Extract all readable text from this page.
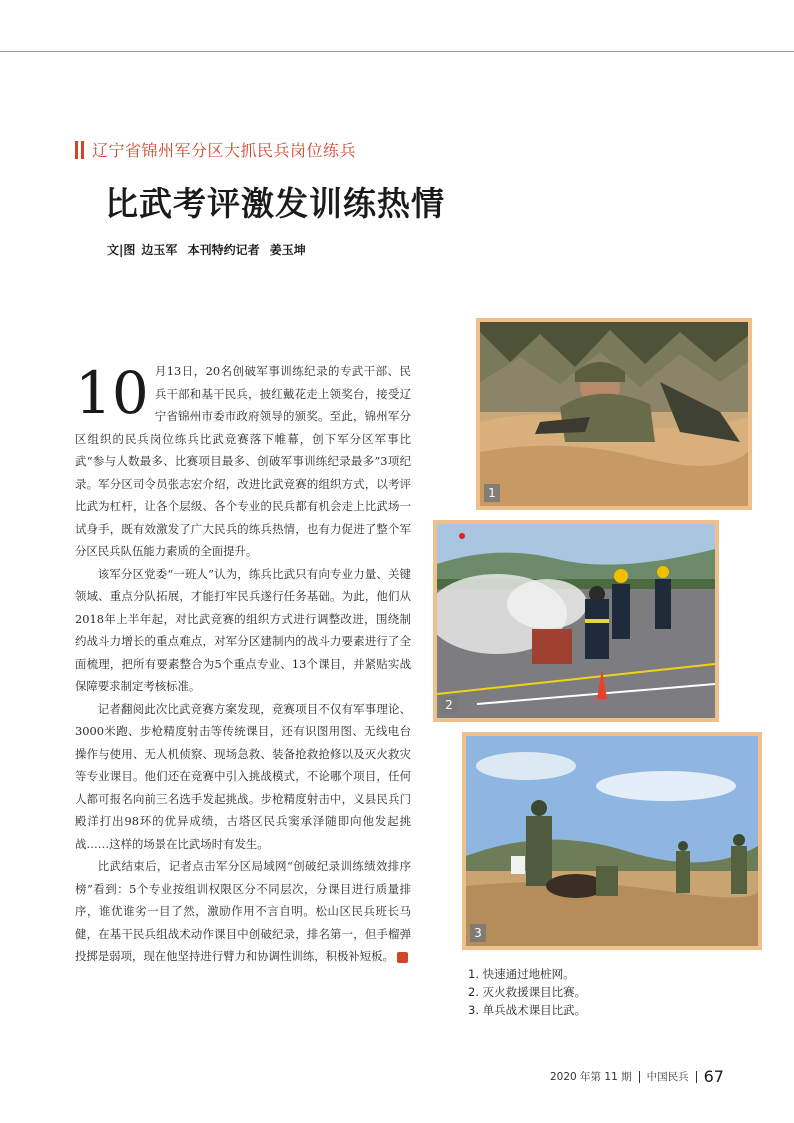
辽宁省锦州军分区大抓民兵岗位练兵
比武考评激发训练热情
文|图 边玉军 本刊特约记者 姜玉坤

10 月13日，20名创破军事训练纪录的专武干部、民兵干部和基干民兵，披红戴花走上领奖台，接受辽宁省锦州市委市政府领导的颁奖。至此，锦州军分区组织的民兵岗位练兵比武竞赛落下帷幕，创下军分区军事比武“参与人数最多、比赛项目最多、创破军事训练纪录最多”3项纪录。军分区司令员张志宏介绍，改进比武竞赛的组织方式，以考评比武为杠杆，让各个层级、各个专业的民兵都有机会走上比武场一试身手，既有效激发了广大民兵的练兵热情，也有力促进了整个军分区民兵队伍能力素质的全面提升。

该军分区党委“一班人”认为，练兵比武只有向专业力量、关键领域、重点分队拓展，才能打牢民兵遂行任务基础。为此，他们从2018年上半年起，对比武竞赛的组织方式进行调整改进，围绕制约战斗力增长的重点难点，对军分区建制内的战斗力要素进行了全面梳理，把所有要素整合为5个重点专业、13个课目，并紧贴实战保障要求制定考核标准。

记者翻阅此次比武竞赛方案发现，竞赛项目不仅有军事理论、3000米跑、步枪精度射击等传统课目，还有识图用图、无线电台操作与使用、无人机侦察、现场急救、装备抢救抢修以及灭火救灾等专业课目。他们还在竞赛中引入挑战模式，不论哪个项目，任何人都可报名向前三名选手发起挑战。步枪精度射击中，义县民兵门殿洋打出98环的优异成绩，古塔区民兵窦承泽随即向他发起挑战……这样的场景在比武场时有发生。

比武结束后，记者点击军分区局域网“创破纪录训练绩效排序榜”看到：5个专业按组训权限区分不同层次，分课目进行质量排序，谁优谁劣一目了然，激励作用不言自明。松山区民兵班长马健，在基干民兵组战术动作课目中创破纪录，排名第一，但手榴弹投掷是弱项，现在他坚持进行臂力和协调性训练，积极补短板。	民

1
2
3
1. 快速通过地桩网。
2. 灭火救援课目比赛。
3. 单兵战术课目比武。
2020 年第 11 期 中国民兵 67
